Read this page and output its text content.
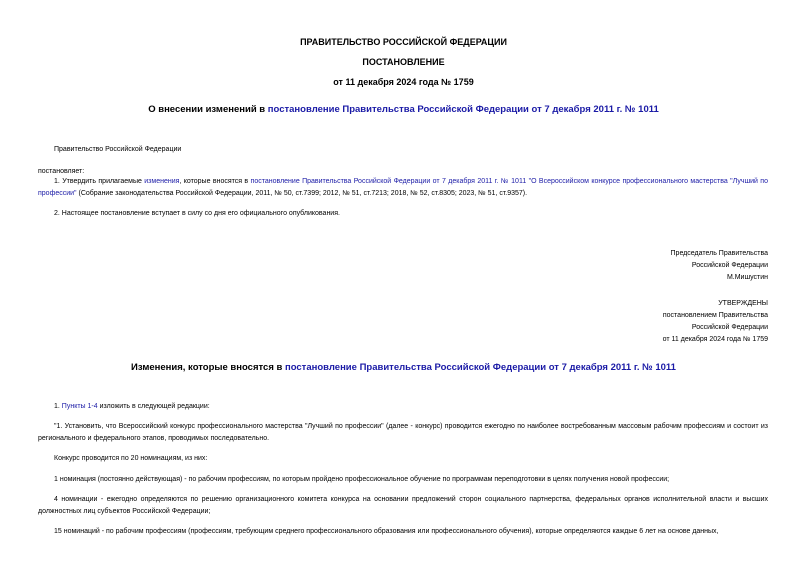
ПРАВИТЕЛЬСТВО РОССИЙСКОЙ ФЕДЕРАЦИИ
ПОСТАНОВЛЕНИЕ
от 11 декабря 2024 года № 1759
О внесении изменений в постановление Правительства Российской Федерации от 7 декабря 2011 г. № 1011
Правительство Российской Федерации
постановляет:
1. Утвердить прилагаемые изменения, которые вносятся в постановление Правительства Российской Федерации от 7 декабря 2011 г. № 1011 "О Всероссийском конкурсе профессионального мастерства "Лучший по профессии" (Собрание законодательства Российской Федерации, 2011, № 50, ст.7399; 2012, № 51, ст.7213; 2018, № 52, ст.8305; 2023, № 51, ст.9357).
2. Настоящее постановление вступает в силу со дня его официального опубликования.
Председатель Правительства
Российской Федерации
М.Мишустин
УТВЕРЖДЕНЫ
постановлением Правительства
Российской Федерации
от 11 декабря 2024 года № 1759
Изменения, которые вносятся в постановление Правительства Российской Федерации от 7 декабря 2011 г. № 1011
1. Пункты 1-4 изложить в следующей редакции:
"1. Установить, что Всероссийский конкурс профессионального мастерства "Лучший по профессии" (далее - конкурс) проводится ежегодно по наиболее востребованным массовым рабочим профессиям и состоит из регионального и федерального этапов, проводимых последовательно.
Конкурс проводится по 20 номинациям, из них:
1 номинация (постоянно действующая) - по рабочим профессиям, по которым пройдено профессиональное обучение по программам переподготовки в целях получения новой профессии;
4 номинации - ежегодно определяются по решению организационного комитета конкурса на основании предложений сторон социального партнерства, федеральных органов исполнительной власти и высших должностных лиц субъектов Российской Федерации;
15 номинаций - по рабочим профессиям (профессиям, требующим среднего профессионального образования или профессионального обучения), которые определяются каждые 6 лет на основе данных,
